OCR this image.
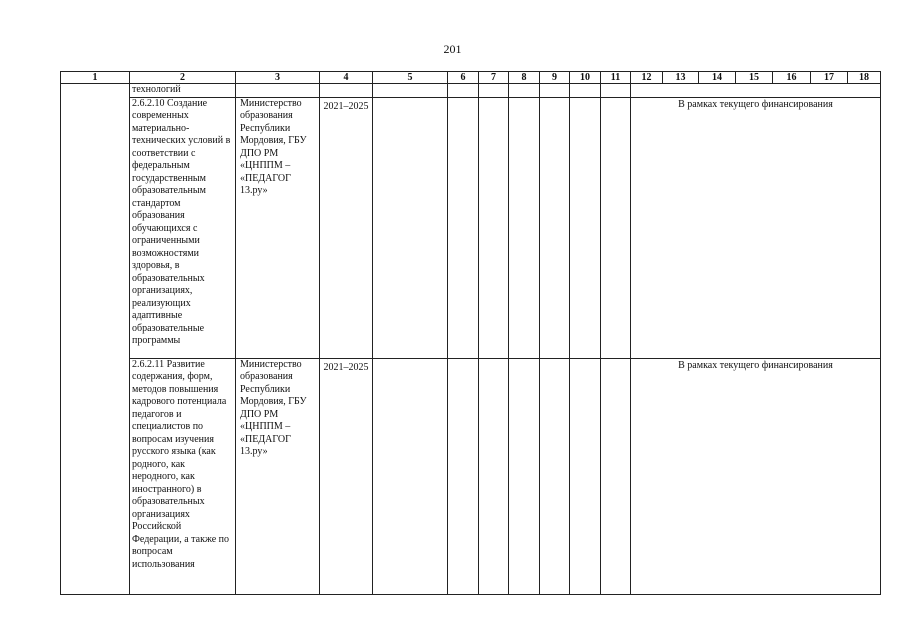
201
1	2	3	4	5	6	7	8	9	10	11	12	13	14	15	16	17	18
	технологий																
	2.6.2.10 Создание современных материально-технических условий в соответствии с федеральным государственным образовательным стандартом образования обучающихся с ограниченными возможностями здоровья, в образовательных организациях, реализующих адаптивные образовательные программы	Министерство образования Республики Мордовия, ГБУ ДПО РМ «ЦНППМ – «ПЕДАГОГ 13.ру»	2021–2025								В рамках текущего финансирования						
	2.6.2.11 Развитие содержания, форм, методов повышения кадрового потенциала педагогов и специалистов по вопросам изучения русского языка (как родного, как неродного, как иностранного) в образовательных организациях Российской Федерации, а также по вопросам использования	Министерство образования Республики Мордовия, ГБУ ДПО РМ «ЦНППМ – «ПЕДАГОГ 13.ру»	2021–2025								В рамках текущего финансирования						
